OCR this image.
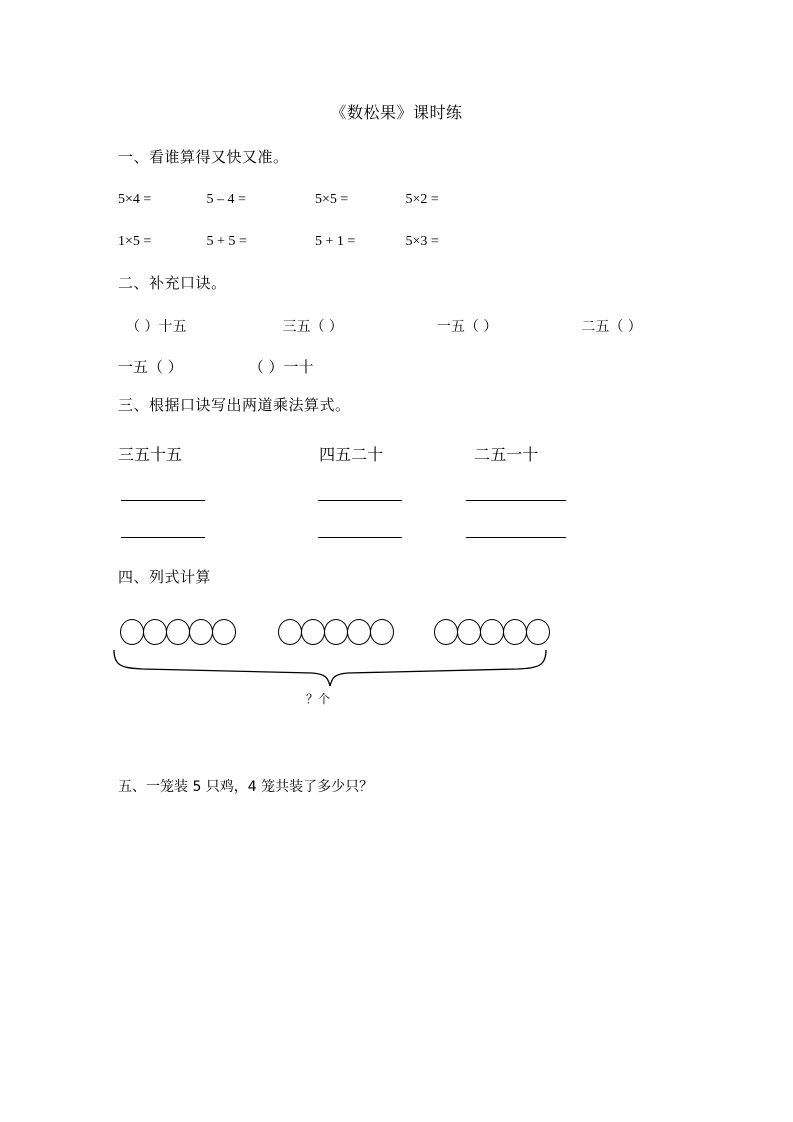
《数松果》课时练
一、看谁算得又快又准。
5×4 =	5 – 4 =	5×5 =	5×2 =
1×5 =	5 + 5 =	5 + 1 =	5×3 =
二、补充口诀。
（ ）十五	三五（ ）	一五（ ）	二五（ ）
一五（ ）	（ ）一十
三、根据口诀写出两道乘法算式。
三五十五	四五二十	二五一十
四、列式计算
？个
五、一笼装 5 只鸡，4 笼共装了多少只？
